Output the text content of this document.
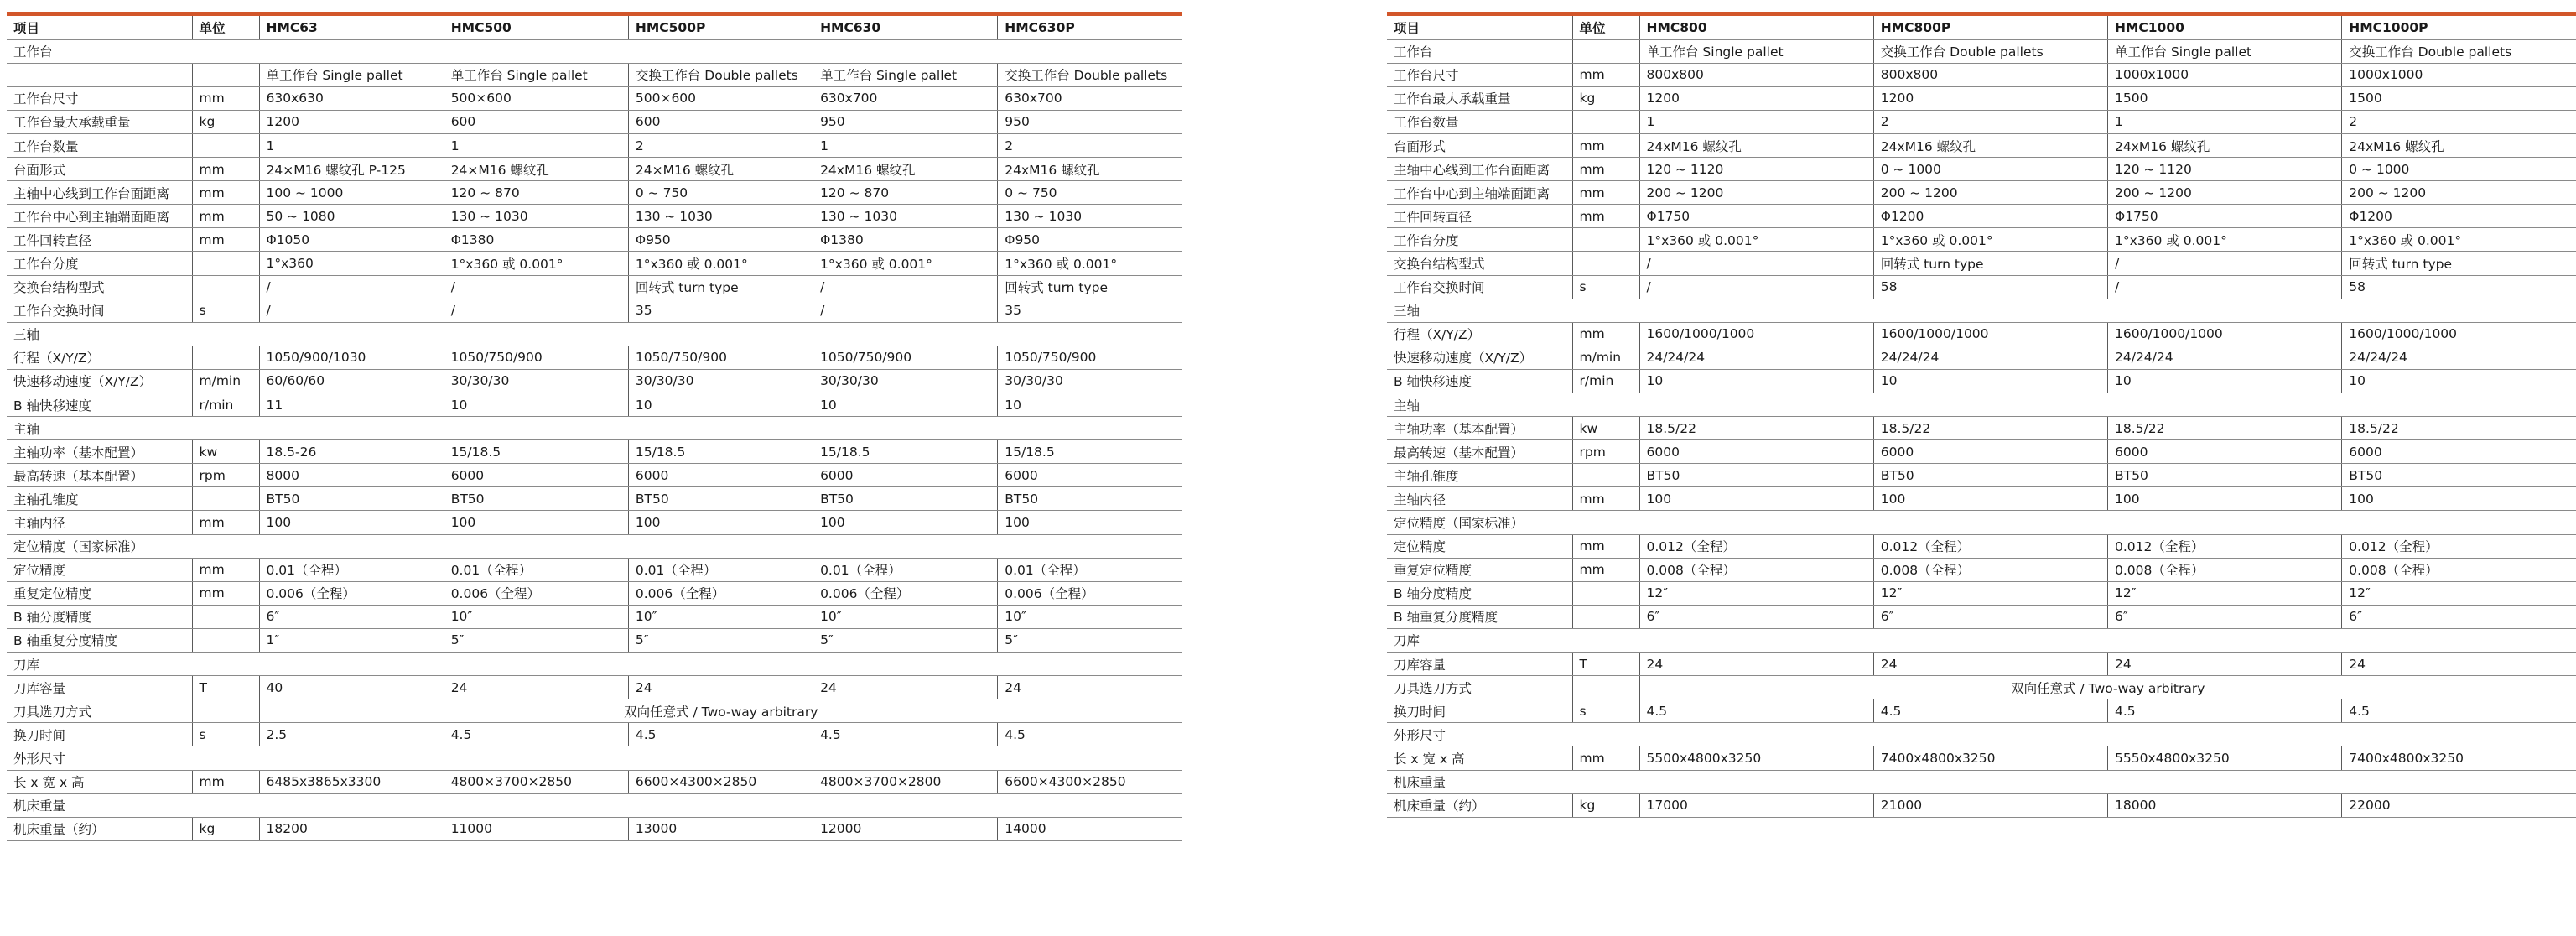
项目	单位	HMC63	HMC500	HMC500P	HMC630	HMC630P
工作台						
		单工作台 Single pallet	单工作台 Single pallet	交换工作台 Double pallets	单工作台 Single pallet	交换工作台 Double pallets
工作台尺寸	mm	630x630	500×600	500×600	630x700	630x700
工作台最大承载重量	kg	1200	600	600	950	950
工作台数量		1	1	2	1	2
台面形式	mm	24×M16 螺纹孔 P-125	24×M16 螺纹孔	24×M16 螺纹孔	24xM16 螺纹孔	24xM16 螺纹孔
主轴中心线到工作台面距离	mm	100 ~ 1000	120 ~ 870	0 ~ 750	120 ~ 870	0 ~ 750
工作台中心到主轴端面距离	mm	50 ~ 1080	130 ~ 1030	130 ~ 1030	130 ~ 1030	130 ~ 1030
工件回转直径	mm	Φ1050	Φ1380	Φ950	Φ1380	Φ950
工作台分度		1°x360	1°x360 或 0.001°	1°x360 或 0.001°	1°x360 或 0.001°	1°x360 或 0.001°
交换台结构型式		/	/	回转式 turn type	/	回转式 turn type
工作台交换时间	s	/	/	35	/	35
三轴						
行程（X/Y/Z）		1050/900/1030	1050/750/900	1050/750/900	1050/750/900	1050/750/900
快速移动速度（X/Y/Z）	m/min	60/60/60	30/30/30	30/30/30	30/30/30	30/30/30
B 轴快移速度	r/min	11	10	10	10	10
主轴						
主轴功率（基本配置）	kw	18.5-26	15/18.5	15/18.5	15/18.5	15/18.5
最高转速（基本配置）	rpm	8000	6000	6000	6000	6000
主轴孔锥度		BT50	BT50	BT50	BT50	BT50
主轴内径	mm	100	100	100	100	100
定位精度（国家标准）						
定位精度	mm	0.01（全程）	0.01（全程）	0.01（全程）	0.01（全程）	0.01（全程）
重复定位精度	mm	0.006（全程）	0.006（全程）	0.006（全程）	0.006（全程）	0.006（全程）
B 轴分度精度		6″	10″	10″	10″	10″
B 轴重复分度精度		1″	5″	5″	5″	5″
刀库						
刀库容量	T	40	24	24	24	24
刀具选刀方式		双向任意式 / Two-way arbitrary				
换刀时间	s	2.5	4.5	4.5	4.5	4.5
外形尺寸						
长 x 宽 x 高	mm	6485x3865x3300	4800×3700×2850	6600×4300×2850	4800×3700×2800	6600×4300×2850
机床重量						
机床重量（约）	kg	18200	11000	13000	12000	14000
项目	单位	HMC800	HMC800P	HMC1000	HMC1000P
工作台		单工作台 Single pallet	交换工作台 Double pallets	单工作台 Single pallet	交换工作台 Double pallets
工作台尺寸	mm	800x800	800x800	1000x1000	1000x1000
工作台最大承载重量	kg	1200	1200	1500	1500
工作台数量		1	2	1	2
台面形式	mm	24xM16 螺纹孔	24xM16 螺纹孔	24xM16 螺纹孔	24xM16 螺纹孔
主轴中心线到工作台面距离	mm	120 ~ 1120	0 ~ 1000	120 ~ 1120	0 ~ 1000
工作台中心到主轴端面距离	mm	200 ~ 1200	200 ~ 1200	200 ~ 1200	200 ~ 1200
工件回转直径	mm	Φ1750	Φ1200	Φ1750	Φ1200
工作台分度		1°x360 或 0.001°	1°x360 或 0.001°	1°x360 或 0.001°	1°x360 或 0.001°
交换台结构型式		/	回转式 turn type	/	回转式 turn type
工作台交换时间	s	/	58	/	58
三轴					
行程（X/Y/Z）	mm	1600/1000/1000	1600/1000/1000	1600/1000/1000	1600/1000/1000
快速移动速度（X/Y/Z）	m/min	24/24/24	24/24/24	24/24/24	24/24/24
B 轴快移速度	r/min	10	10	10	10
主轴					
主轴功率（基本配置）	kw	18.5/22	18.5/22	18.5/22	18.5/22
最高转速（基本配置）	rpm	6000	6000	6000	6000
主轴孔锥度		BT50	BT50	BT50	BT50
主轴内径	mm	100	100	100	100
定位精度（国家标准）					
定位精度	mm	0.012（全程）	0.012（全程）	0.012（全程）	0.012（全程）
重复定位精度	mm	0.008（全程）	0.008（全程）	0.008（全程）	0.008（全程）
B 轴分度精度		12″	12″	12″	12″
B 轴重复分度精度		6″	6″	6″	6″
刀库					
刀库容量	T	24	24	24	24
刀具选刀方式		双向任意式 / Two-way arbitrary			
换刀时间	s	4.5	4.5	4.5	4.5
外形尺寸					
长 x 宽 x 高	mm	5500x4800x3250	7400x4800x3250	5550x4800x3250	7400x4800x3250
机床重量					
机床重量（约）	kg	17000	21000	18000	22000
